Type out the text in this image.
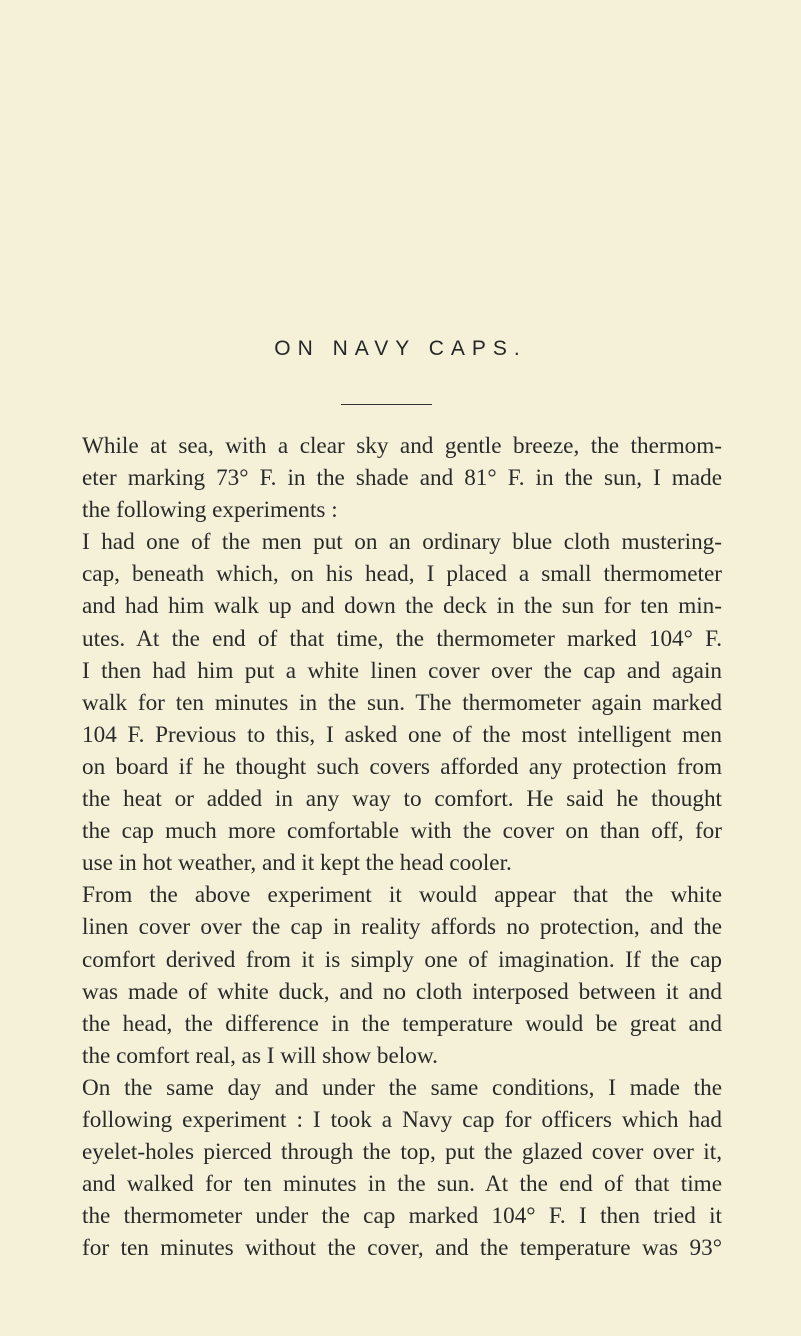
ON NAVY CAPS.
While at sea, with a clear sky and gentle breeze, the thermom-
eter marking 73° F. in the shade and 81° F. in the sun, I made
the following experiments :
I had one of the men put on an ordinary blue cloth mustering-
cap, beneath which, on his head, I placed a small thermometer
and had him walk up and down the deck in the sun for ten min-
utes. At the end of that time, the thermometer marked 104° F.
I then had him put a white linen cover over the cap and again
walk for ten minutes in the sun. The thermometer again marked
104 F. Previous to this, I asked one of the most intelligent men
on board if he thought such covers afforded any protection from
the heat or added in any way to comfort. He said he thought
the cap much more comfortable with the cover on than off, for
use in hot weather, and it kept the head cooler.
From the above experiment it would appear that the white
linen cover over the cap in reality affords no protection, and the
comfort derived from it is simply one of imagination. If the cap
was made of white duck, and no cloth interposed between it and
the head, the difference in the temperature would be great and
the comfort real, as I will show below.
On the same day and under the same conditions, I made the
following experiment : I took a Navy cap for officers which had
eyelet-holes pierced through the top, put the glazed cover over it,
and walked for ten minutes in the sun. At the end of that time
the thermometer under the cap marked 104° F. I then tried it
for ten minutes without the cover, and the temperature was 93°
